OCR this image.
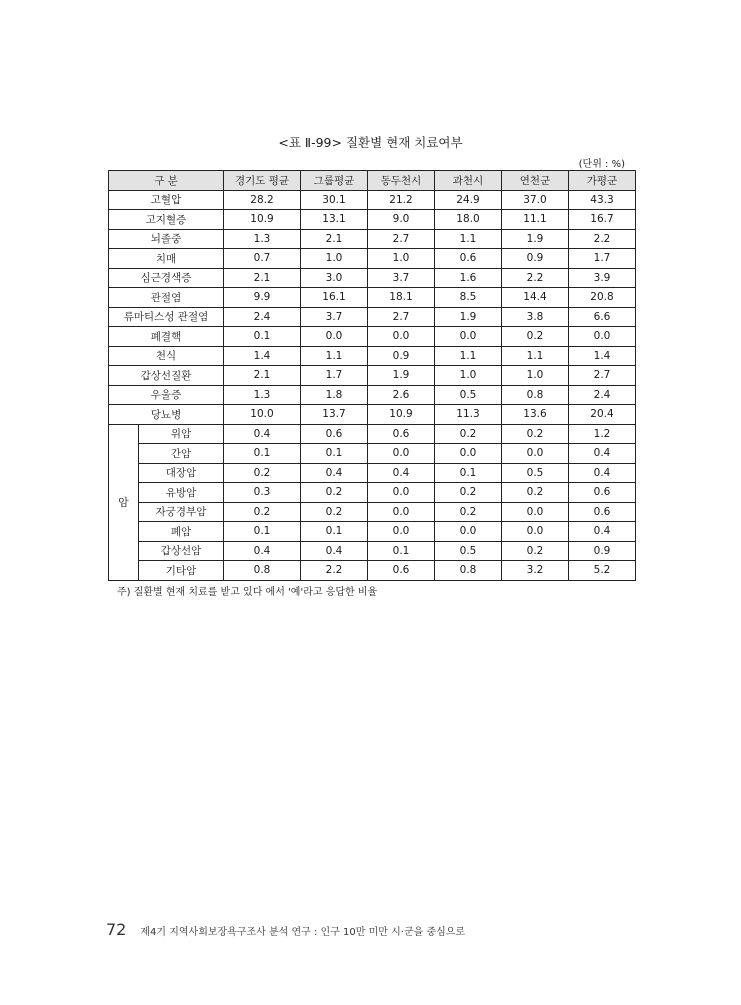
<표 Ⅱ-99> 질환별 현재 치료여부
(단위 : %)
구 분		경기도 평균	그룹평균	동두천시	과천시	연천군	가평군
고혈압		28.2	30.1	21.2	24.9	37.0	43.3
고지혈증		10.9	13.1	9.0	18.0	11.1	16.7
뇌졸중		1.3	2.1	2.7	1.1	1.9	2.2
치매		0.7	1.0	1.0	0.6	0.9	1.7
심근경색증		2.1	3.0	3.7	1.6	2.2	3.9
관절염		9.9	16.1	18.1	8.5	14.4	20.8
류마티스성 관절염		2.4	3.7	2.7	1.9	3.8	6.6
폐결핵		0.1	0.0	0.0	0.0	0.2	0.0
천식		1.4	1.1	0.9	1.1	1.1	1.4
갑상선질환		2.1	1.7	1.9	1.0	1.0	2.7
우울증		1.3	1.8	2.6	0.5	0.8	2.4
당뇨병		10.0	13.7	10.9	11.3	13.6	20.4
암	위암	0.4	0.6	0.6	0.2	0.2	1.2
	간암	0.1	0.1	0.0	0.0	0.0	0.4
	대장암	0.2	0.4	0.4	0.1	0.5	0.4
	유방암	0.3	0.2	0.0	0.2	0.2	0.6
	자궁경부암	0.2	0.2	0.0	0.2	0.0	0.6
	폐암	0.1	0.1	0.0	0.0	0.0	0.4
	갑상선암	0.4	0.4	0.1	0.5	0.2	0.9
	기타암	0.8	2.2	0.6	0.8	3.2	5.2
주) 질환별 현재 치료를 받고 있다 에서 '예'라고 응답한 비율
72 제4기 지역사회보장욕구조사 분석 연구 : 인구 10만 미만 시·군을 중심으로
